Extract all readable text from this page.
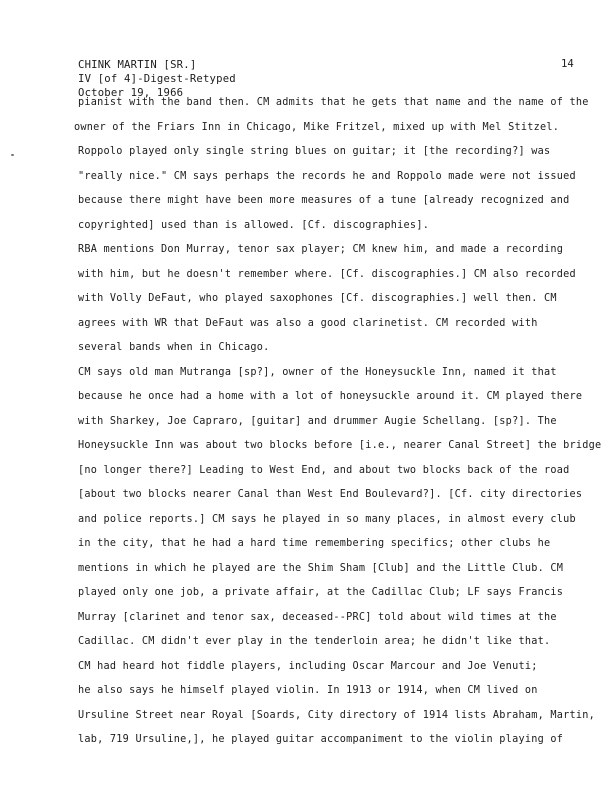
CHINK MARTIN [SR.]
IV [of 4]-Digest-Retyped
October 19, 1966
14
pianist with the band then. CM admits that he gets that name and the name of the
owner of the Friars Inn in Chicago, Mike Fritzel, mixed up with Mel Stitzel.
Roppolo played only single string blues on guitar; it [the recording?] was
"really nice." CM says perhaps the records he and Roppolo made were not issued
because there might have been more measures of a tune [already recognized and
copyrighted] used than is allowed. [Cf. discographies].
RBA mentions Don Murray, tenor sax player; CM knew him, and made a recording
with him, but he doesn't remember where. [Cf. discographies.] CM also recorded
with Volly DeFaut, who played saxophones [Cf. discographies.] well then. CM
agrees with WR that DeFaut was also a good clarinetist. CM recorded with
several bands when in Chicago.
CM says old man Mutranga [sp?], owner of the Honeysuckle Inn, named it that
because he once had a home with a lot of honeysuckle around it. CM played there
with Sharkey, Joe Capraro, [guitar] and drummer Augie Schellang. [sp?]. The
Honeysuckle Inn was about two blocks before [i.e., nearer Canal Street] the bridge
[no longer there?] Leading to West End, and about two blocks back of the road
[about two blocks nearer Canal than West End Boulevard?]. [Cf. city directories
and police reports.] CM says he played in so many places, in almost every club
in the city, that he had a hard time remembering specifics; other clubs he
mentions in which he played are the Shim Sham [Club] and the Little Club. CM
played only one job, a private affair, at the Cadillac Club; LF says Francis
Murray [clarinet and tenor sax, deceased--PRC] told about wild times at the
Cadillac. CM didn't ever play in the tenderloin area; he didn't like that.
CM had heard hot fiddle players, including Oscar Marcour and Joe Venuti;
he also says he himself played violin. In 1913 or 1914, when CM lived on
Ursuline Street near Royal [Soards, City directory of 1914 lists Abraham, Martin,
lab, 719 Ursuline,], he played guitar accompaniment to the violin playing of
